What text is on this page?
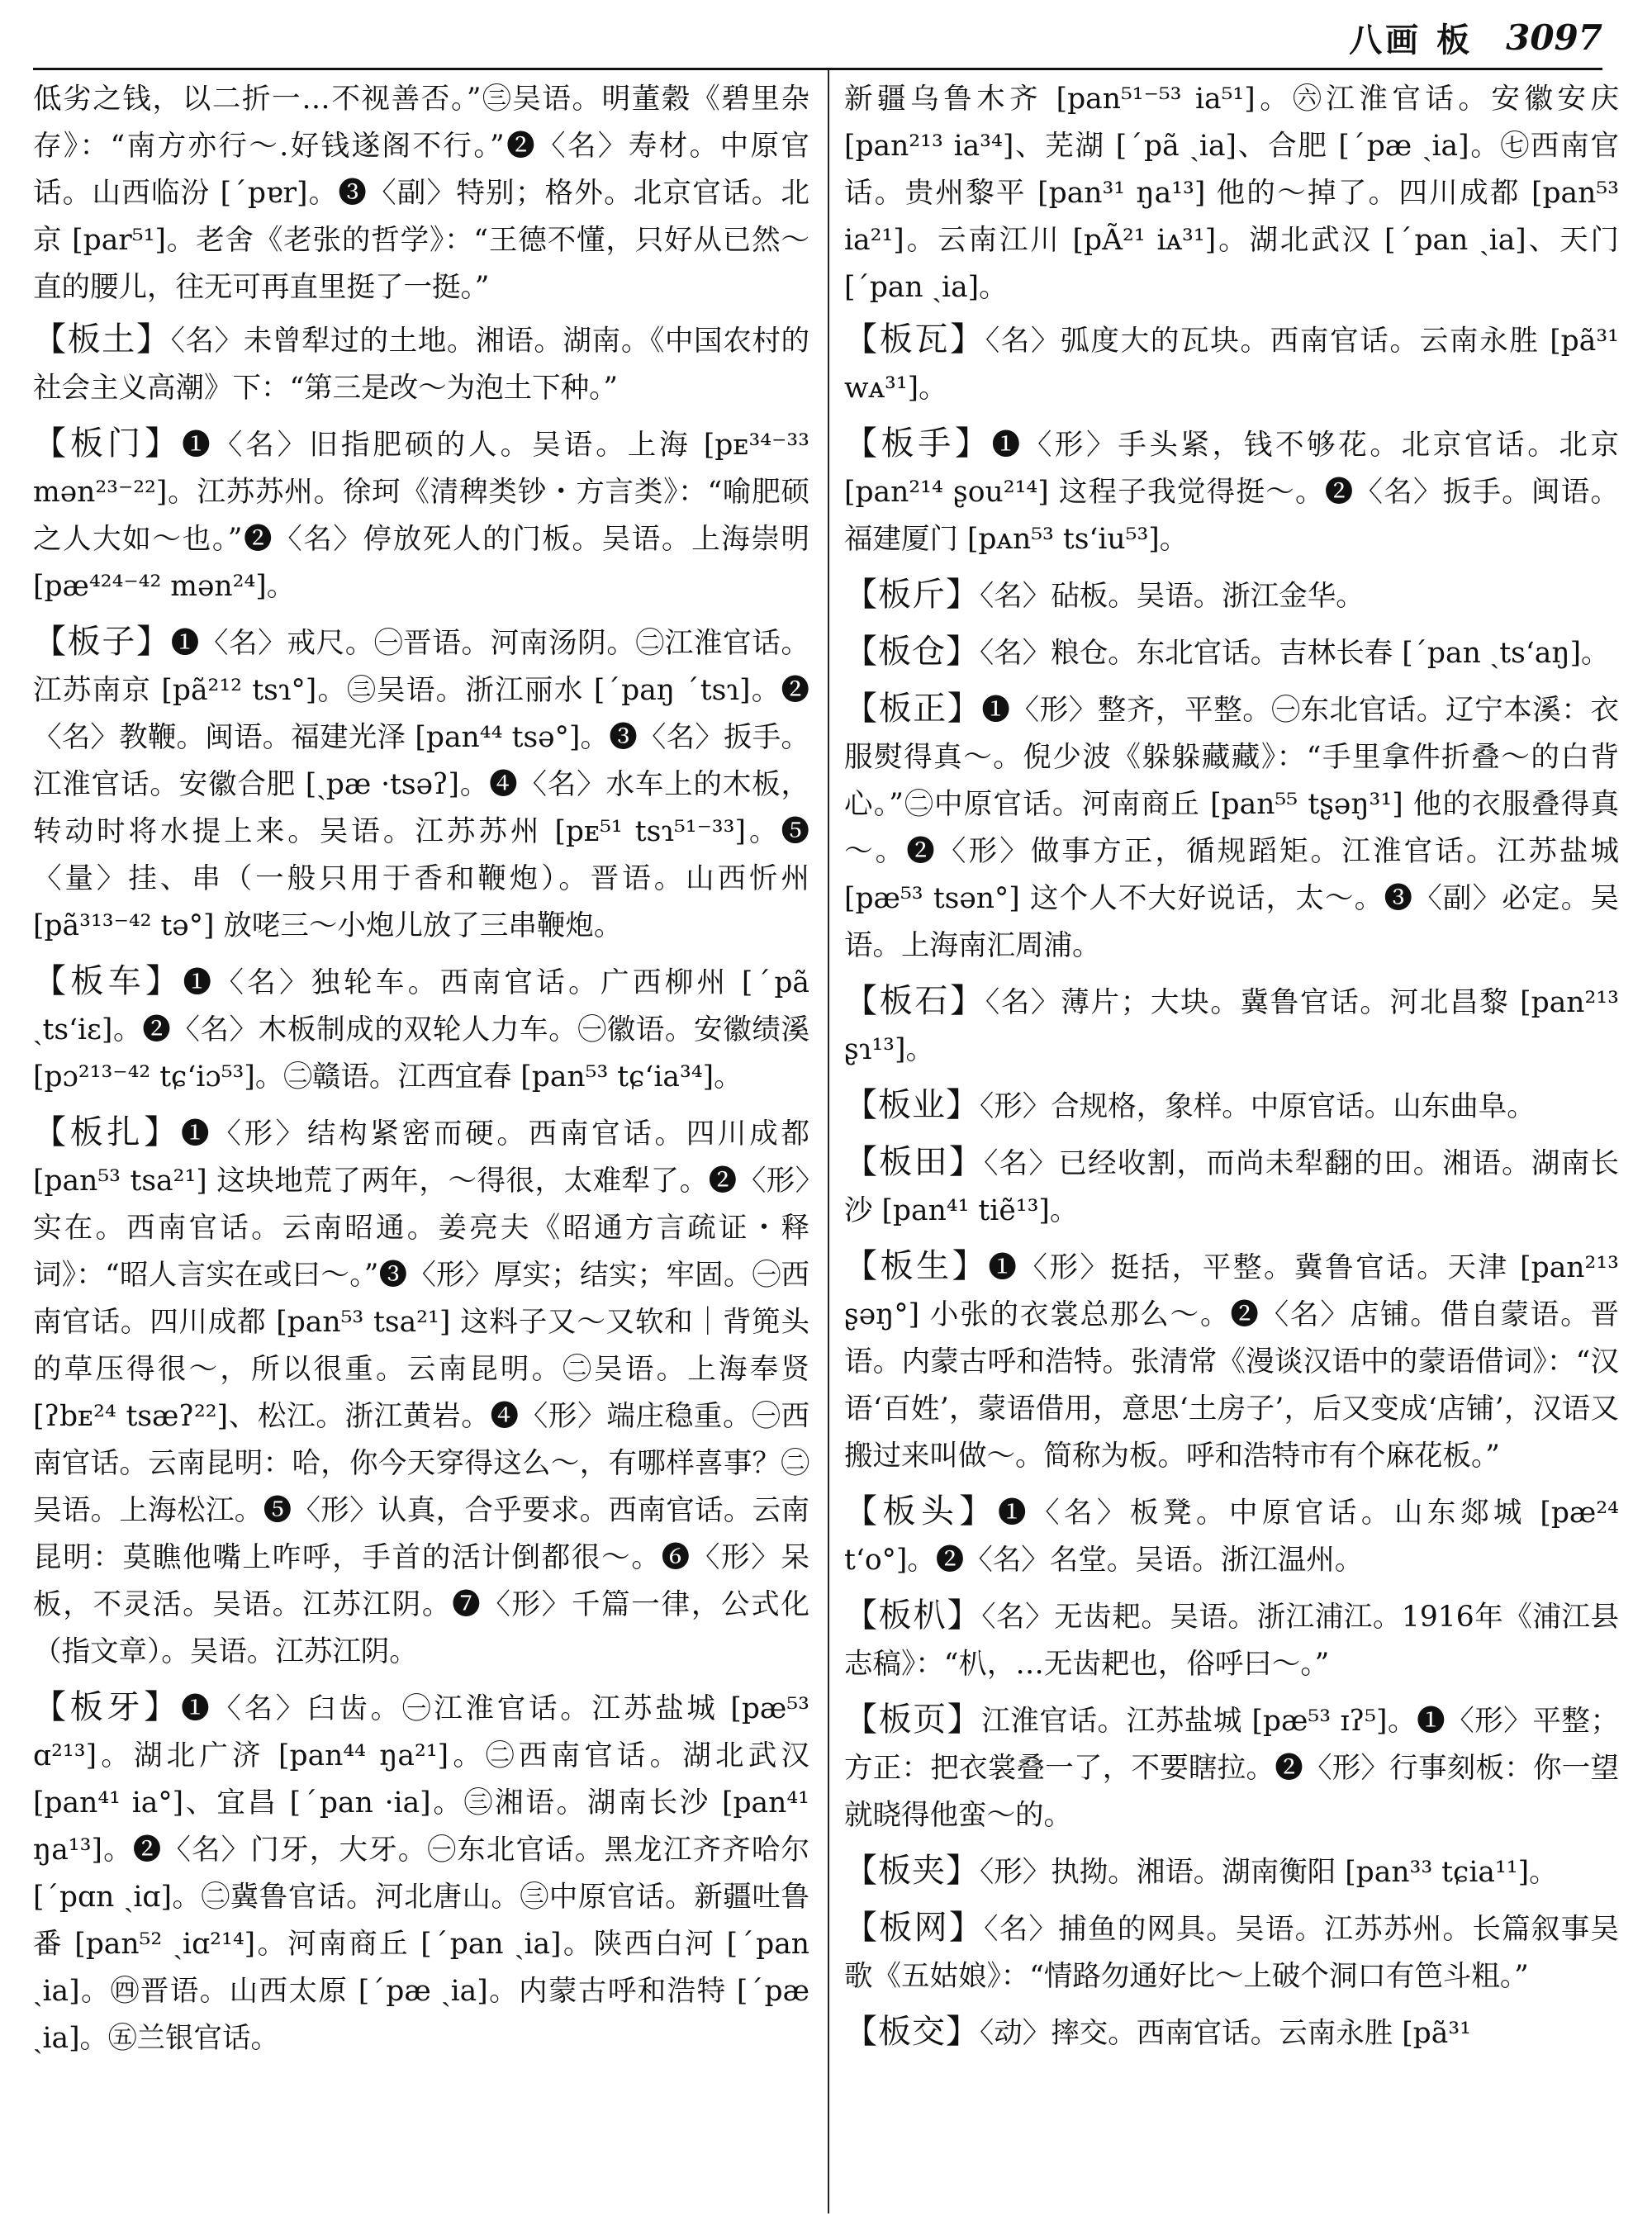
八画 板 3097

低劣之钱，以二折一…不视善否。”㊂吴语。明董穀《碧里杂存》：“南方亦行～.好钱遂阁不行。”❷〈名〉寿材。中原官话。山西临汾 [ˊpɐr]。❸〈副〉特别；格外。北京官话。北京 [par⁵¹]。老舍《老张的哲学》：“王德不懂，只好从已然～直的腰儿，往无可再直里挺了一挺。”

【板土】〈名〉未曾犁过的土地。湘语。湖南。《中国农村的社会主义高潮》下：“第三是改～为泡土下种。”

【板门】❶〈名〉旧指肥硕的人。吴语。上海 [pᴇ³⁴⁻³³ mən²³⁻²²]。江苏苏州。徐珂《清稗类钞・方言类》：“喻肥硕之人大如～也。”❷〈名〉停放死人的门板。吴语。上海崇明 [pæ⁴²⁴⁻⁴² mən²⁴]。

【板子】❶〈名〉戒尺。㊀晋语。河南汤阴。㊁江淮官话。江苏南京 [pã²¹² tsɿ°]。㊂吴语。浙江丽水 [ˊpaŋ ˊtsɿ]。❷〈名〉教鞭。闽语。福建光泽 [pan⁴⁴ tsə°]。❸〈名〉扳手。江淮官话。安徽合肥 [ˏpæ ·tsəʔ]。❹〈名〉水车上的木板，转动时将水提上来。吴语。江苏苏州 [pᴇ⁵¹ tsɿ⁵¹⁻³³]。❺〈量〉挂、串（一般只用于香和鞭炮）。晋语。山西忻州 [pã³¹³⁻⁴² tə°] 放咾三～小炮儿放了三串鞭炮。

【板车】❶〈名〉独轮车。西南官话。广西柳州 [ˊpã ˏtsʻiɛ]。❷〈名〉木板制成的双轮人力车。㊀徽语。安徽绩溪 [pɔ²¹³⁻⁴² tɕʻiɔ⁵³]。㊁赣语。江西宜春 [pan⁵³ tɕʻia³⁴]。

【板扎】❶〈形〉结构紧密而硬。西南官话。四川成都 [pan⁵³ tsa²¹] 这块地荒了两年，～得很，太难犁了。❷〈形〉实在。西南官话。云南昭通。姜亮夫《昭通方言疏证・释词》：“昭人言实在或曰～。”❸〈形〉厚实；结实；牢固。㊀西南官话。四川成都 [pan⁵³ tsa²¹] 这料子又～又软和｜背篼头的草压得很～，所以很重。云南昆明。㊁吴语。上海奉贤 [ʔbᴇ²⁴ tsæʔ²²]、松江。浙江黄岩。❹〈形〉端庄稳重。㊀西南官话。云南昆明：哈，你今天穿得这么～，有哪样喜事？㊁吴语。上海松江。❺〈形〉认真，合乎要求。西南官话。云南昆明：莫瞧他嘴上咋呼，手首的活计倒都很～。❻〈形〉呆板，不灵活。吴语。江苏江阴。❼〈形〉千篇一律，公式化（指文章）。吴语。江苏江阴。

【板牙】❶〈名〉臼齿。㊀江淮官话。江苏盐城 [pæ⁵³ ɑ²¹³]。湖北广济 [pan⁴⁴ ŋa²¹]。㊁西南官话。湖北武汉 [pan⁴¹ ia°]、宜昌 [ˊpan ·ia]。㊂湘语。湖南长沙 [pan⁴¹ ŋa¹³]。❷〈名〉门牙，大牙。㊀东北官话。黑龙江齐齐哈尔 [ˊpɑn ˏiɑ]。㊁冀鲁官话。河北唐山。㊂中原官话。新疆吐鲁番 [pan⁵² ˏiɑ²¹⁴]。河南商丘 [ˊpan ˏia]。陕西白河 [ˊpan ˏia]。㊃晋语。山西太原 [ˊpæ ˏia]。内蒙古呼和浩特 [ˊpæ ˏia]。㊄兰银官话。

新疆乌鲁木齐 [pan⁵¹⁻⁵³ ia⁵¹]。㊅江淮官话。安徽安庆 [pan²¹³ ia³⁴]、芜湖 [ˊpã ˏia]、合肥 [ˊpæ ˏia]。㊆西南官话。贵州黎平 [pan³¹ ŋa¹³] 他的～掉了。四川成都 [pan⁵³ ia²¹]。云南江川 [pÃ²¹ iᴀ³¹]。湖北武汉 [ˊpan ˏia]、天门 [ˊpan ˏia]。

【板瓦】〈名〉弧度大的瓦块。西南官话。云南永胜 [pã³¹ wᴀ³¹]。

【板手】❶〈形〉手头紧，钱不够花。北京官话。北京 [pan²¹⁴ ʂou²¹⁴] 这程子我觉得挺～。❷〈名〉扳手。闽语。福建厦门 [pᴀn⁵³ tsʻiu⁵³]。

【板斤】〈名〉砧板。吴语。浙江金华。

【板仓】〈名〉粮仓。东北官话。吉林长春 [ˊpan ˏtsʻaŋ]。

【板正】❶〈形〉整齐，平整。㊀东北官话。辽宁本溪：衣服熨得真～。倪少波《躲躲藏藏》：“手里拿件折叠～的白背心。”㊁中原官话。河南商丘 [pan⁵⁵ tʂəŋ³¹] 他的衣服叠得真～。❷〈形〉做事方正，循规蹈矩。江淮官话。江苏盐城 [pæ⁵³ tsən°] 这个人不大好说话，太～。❸〈副〉必定。吴语。上海南汇周浦。

【板石】〈名〉薄片；大块。冀鲁官话。河北昌黎 [pan²¹³ ʂɿ¹³]。

【板业】〈形〉合规格，象样。中原官话。山东曲阜。

【板田】〈名〉已经收割，而尚未犁翻的田。湘语。湖南长沙 [pan⁴¹ tiẽ¹³]。

【板生】❶〈形〉挺括，平整。冀鲁官话。天津 [pan²¹³ ʂəŋ°] 小张的衣裳总那么～。❷〈名〉店铺。借自蒙语。晋语。内蒙古呼和浩特。张清常《漫谈汉语中的蒙语借词》：“汉语‘百姓’，蒙语借用，意思‘土房子’，后又变成‘店铺’，汉语又搬过来叫做～。简称为板。呼和浩特市有个麻花板。”

【板头】❶〈名〉板凳。中原官话。山东郯城 [pæ²⁴ tʻo°]。❷〈名〉名堂。吴语。浙江温州。

【板朳】〈名〉无齿耙。吴语。浙江浦江。1916年《浦江县志稿》：“朳，…无齿耙也，俗呼曰～。”

【板页】江淮官话。江苏盐城 [pæ⁵³ ɪʔ⁵]。❶〈形〉平整；方正：把衣裳叠一了，不要瞎拉。❷〈形〉行事刻板：你一望就晓得他蛮～的。

【板夹】〈形〉执拗。湘语。湖南衡阳 [pan³³ tɕia¹¹]。

【板网】〈名〉捕鱼的网具。吴语。江苏苏州。长篇叙事吴歌《五姑娘》：“情路勿通好比～上破个洞口有笆斗粗。”

【板交】〈动〉摔交。西南官话。云南永胜 [pã³¹
